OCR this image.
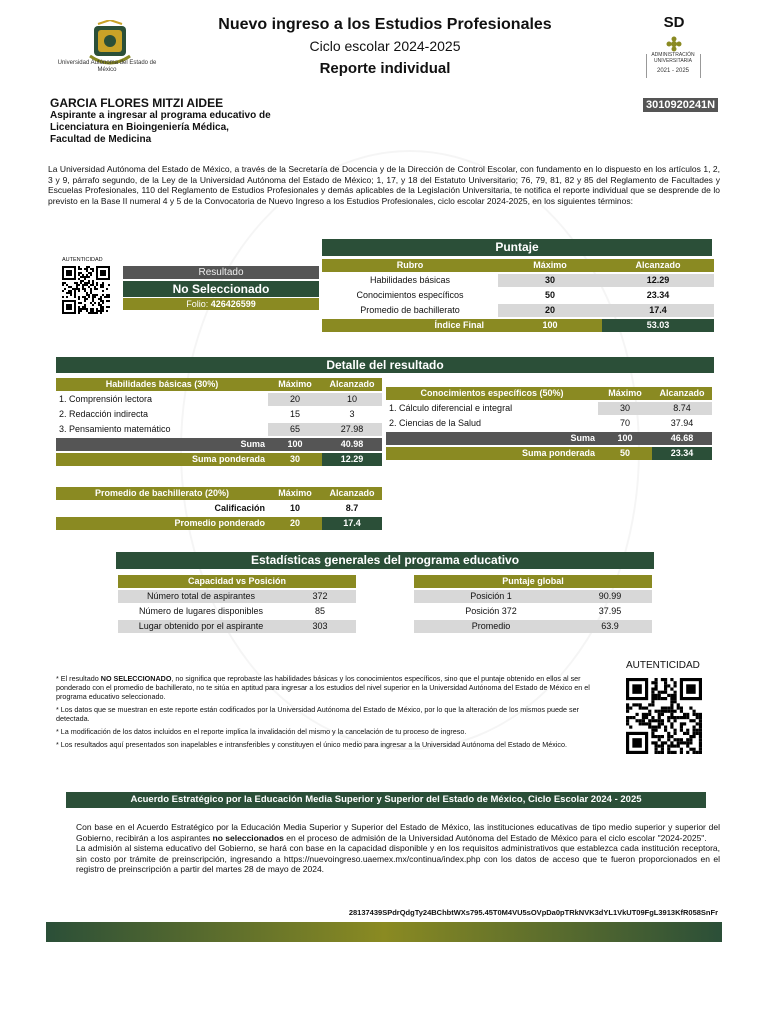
Universidad Autónoma del Estado de México
Nuevo ingreso a los Estudios Profesionales
Ciclo escolar 2024-2025
Reporte individual
SD
ADMINISTRACIÓN UNIVERSITARIA
2021 - 2025
GARCIA FLORES MITZI AIDEE	3010920241N
Aspirante a ingresar al programa educativo de
Licenciatura en Bioingeniería Médica,
Facultad de Medicina
La Universidad Autónoma del Estado de México, a través de la Secretaría de Docencia y de la Dirección de Control Escolar, con fundamento en lo dispuesto en los artículos 1, 2, 3 y 9, párrafo segundo, de la Ley de la Universidad Autónoma del Estado de México; 1, 17, y 18 del Estatuto Universitario; 76, 79, 81, 82 y 85 del Reglamento de Facultades y Escuelas Profesionales, 110 del Reglamento de Estudios Profesionales y demás aplicables de la Legislación Universitaria, te notifica el reporte individual que se desprende de lo previsto en la Base II numeral 4 y 5 de la Convocatoria de Nuevo Ingreso a los Estudios Profesionales, ciclo escolar 2024-2025, en los siguientes términos:
AUTENTICIDAD
Resultado
No Seleccionado
Folio: 426426599
Puntaje
Rubro	Máximo	Alcanzado
Habilidades básicas	30	12.29
Conocimientos específicos	50	23.34
Promedio de bachillerato	20	17.4
Índice Final	100	53.03
Detalle del resultado
Habilidades básicas (30%)	Máximo	Alcanzado
1. Comprensión lectora	20	10
2. Redacción indirecta	15	3
3. Pensamiento matemático	65	27.98
Suma	100	40.98
Suma ponderada	30	12.29
Conocimientos específicos (50%)	Máximo	Alcanzado
1. Cálculo diferencial e integral	30	8.74
2. Ciencias de la Salud	70	37.94
Suma	100	46.68
Suma ponderada	50	23.34
Promedio de bachillerato (20%)	Máximo	Alcanzado
Calificación	10	8.7
Promedio ponderado	20	17.4
Estadísticas generales del programa educativo
Capacidad vs Posición	
Número total de aspirantes	372
Número de lugares disponibles	85
Lugar obtenido por el aspirante	303
Puntaje global	
Posición 1	90.99
Posición 372	37.95
Promedio	63.9

* El resultado NO SELECCIONADO, no significa que reprobaste las habilidades básicas y los conocimientos específicos, sino que el puntaje obtenido en ellos al ser ponderado con el promedio de bachillerato, no te sitúa en aptitud para ingresar a los estudios del nivel superior en la Universidad Autónoma del Estado de México en el programa educativo seleccionado.

* Los datos que se muestran en este reporte están codificados por la Universidad Autónoma del Estado de México, por lo que la alteración de los mismos puede ser detectada.

* La modificación de los datos incluidos en el reporte implica la invalidación del mismo y la cancelación de tu proceso de ingreso.

* Los resultados aquí presentados son inapelables e intransferibles y constituyen el único medio para ingresar a la Universidad Autónoma del Estado de México.

AUTENTICIDAD
Acuerdo Estratégico por la Educación Media Superior y Superior del Estado de México, Ciclo Escolar 2024 - 2025
Con base en el Acuerdo Estratégico por la Educación Media Superior y Superior del Estado de México, las instituciones educativas de tipo medio superior y superior del Gobierno, recibirán a los aspirantes no seleccionados en el proceso de admisión de la Universidad Autónoma del Estado de México para el ciclo escolar "2024-2025".
La admisión al sistema educativo del Gobierno, se hará con base en la capacidad disponible y en los requisitos administrativos que establezca cada institución receptora, sin costo por trámite de preinscripción, ingresando a https://nuevoingreso.uaemex.mx/continua/index.php con los datos de acceso que te fueron proporcionados en el registro de preinscripción a partir del martes 28 de mayo de 2024.
28137439SPdrQdgTy24BChbtWXs795.45T0M4VU5sOVpDa0pTRkNVK3dYL1VkUT09FgL3913KfR058SnFr
